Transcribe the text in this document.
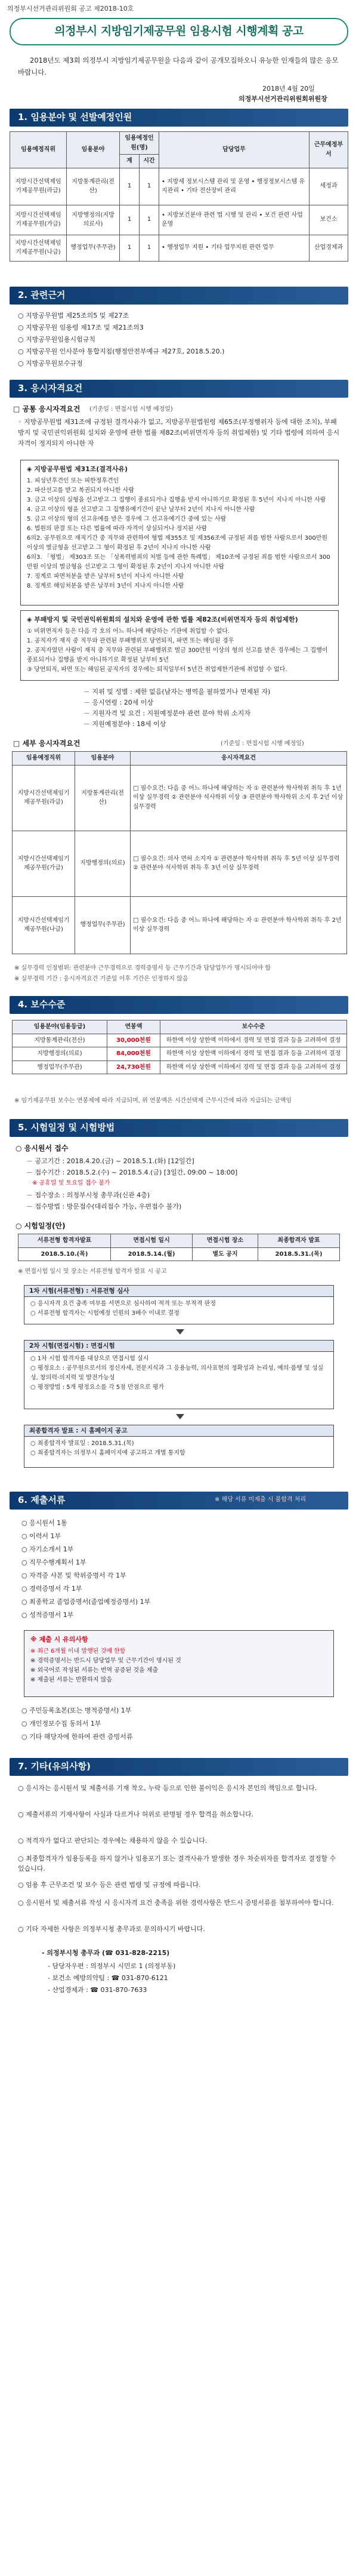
의정부시선거관리위원회 공고 제2018-10호
의정부시 지방임기제공무원 임용시험 시행계획 공고
2018년도 제3회 의정부시 지방임기제공무원을 다음과 같이 공개모집하오니 유능한 인재들의 많은 응모바랍니다.
2018년 4월 20일
의정부시선거관리위원회위원장
1. 임용분야 및 선발예정인원
임용예정직위	임용분야	임용예정인원(명)		담당업무	근무예정부서
		계	시간		
지방시간선택제임기제공무원(라급)	지방통계관리(전산)	1	1	• 지방세 정보시스템 관리 및 운영 • 행정정보시스템 유지관리 • 기타 전산장비 관리	세정과
지방시간선택제임기제공무원(가급)	지방행정의(지방의료사)	1	1	• 지방보건분야 관련 법 시행 및 관리 • 보건 관련 사업 운영	보건소
지방시간선택제임기제공무원(나급)	행정업무(주무관)	1	1	• 행정업무 지원 • 기타 업무지원 관련 업무	산업경제과
2. 관련근거
○ 지방공무원법 제25조의5 및 제27조
○ 지방공무원 임용령 제17조 및 제21조의3
○ 지방공무원임용시험규칙
○ 지방공무원 인사분야 통합지침(행정안전부예규 제27호, 2018.5.20.)
○ 지방공무원보수규정
3. 응시자격요건
□ 공통 응시자격요건 (기준일 : 면접시험 시행 예정일)
◦ 지방공무원법 제31조에 규정된 결격사유가 없고, 지방공무원법원령 제65조(부정행위자 등에 대한 조치), 부패방지 및 국민권익위원회 설치와 운영에 관한 법률 제82조(비위면직자 등의 취업제한) 및 기타 법령에 의하여 응시자격이 정지되지 아니한 자
◈ 지방공무원법 제31조(결격사유)
1. 피성년후견인 또는 피한정후견인
2. 파산선고를 받고 복권되지 아니한 사람
3. 금고 이상의 실형을 선고받고 그 집행이 종료되거나 집행을 받지 아니하기로 확정된 후 5년이 지나지 아니한 사람
4. 금고 이상의 형을 선고받고 그 집행유예기간이 끝난 날부터 2년이 지나지 아니한 사람
5. 금고 이상의 형의 선고유예를 받은 경우에 그 선고유예기간 중에 있는 사람
6. 법원의 판결 또는 다른 법률에 따라 자격이 상실되거나 정지된 사람
6의2. 공무원으로 재직기간 중 직무와 관련하여 형법 제355조 및 제356조에 규정된 죄를 범한 사람으로서 300만원 이상의 벌금형을 선고받고 그 형이 확정된 후 2년이 지나지 아니한 사람
6의3. 「형법」 제303조 또는 「성폭력범죄의 처벌 등에 관한 특례법」 제10조에 규정된 죄를 범한 사람으로서 300만원 이상의 벌금형을 선고받고 그 형이 확정된 후 2년이 지나지 아니한 사람
7. 징계로 파면처분을 받은 날부터 5년이 지나지 아니한 사람
8. 징계로 해임처분을 받은 날부터 3년이 지나지 아니한 사람
◈ 부패방지 및 국민권익위원회의 설치와 운영에 관한 법률 제82조(비위면직자 등의 취업제한)
① 비위면직자 등은 다음 각 호의 어느 하나에 해당하는 기관에 취업할 수 없다.
1. 공직자가 재직 중 직무와 관련된 부패행위로 당연퇴직, 파면 또는 해임된 경우
2. 공직자였던 사람이 재직 중 직무와 관련된 부패행위로 벌금 300만원 이상의 형의 선고를 받은 경우에는 그 집행이 종료되거나 집행을 받지 아니하기로 확정된 날부터 5년
③ 당연퇴직, 파면 또는 해임된 공직자의 경우에는 퇴직일부터 5년간 취업제한기관에 취업할 수 없다.
－ 지위 및 성별 : 제한 없음(남자는 병역을 필하였거나 면제된 자)
－ 응시연령 : 20세 이상
－ 지원자격 및 요건 : 지원예정분야 관련 분야 학위 소지자
－ 지원예정분야 : 18세 이상
□ 세부 응시자격요건	(기준일 : 면접시험 시행 예정일)
임용예정직위	임용분야	응시자격요건
지방시간선택제임기제공무원(라급)	지방통계관리(전산)	□ 필수요건: 다음 중 어느 하나에 해당하는 자 ① 관련분야 학사학위 취득 후 1년 이상 실무경력 ② 관련분야 석사학위 이상 ③ 관련분야 학사학위 소지 후 2년 이상 실무경력
지방시간선택제임기제공무원(가급)	지방행정의(의료)	□ 필수요건: 의사 면허 소지자 ① 관련분야 학사학위 취득 후 5년 이상 실무경력 ② 관련분야 석사학위 취득 후 3년 이상 실무경력
지방시간선택제임기제공무원(나급)	행정업무(주무관)	□ 필수요건: 다음 중 어느 하나에 해당하는 자 ① 관련분야 학사학위 취득 후 2년 이상 실무경력
※ 실무경력 인정범위: 관련분야 근무경력으로 경력증명서 등 근무기간과 담당업무가 명시되어야 함
※ 실무경력 기간 : 응시자격요건 기준일 이후 기간은 인정하지 않음
4. 보수수준
임용분야(임용등급)	연봉액	보수수준
지방통계관리(전산)	30,000천원	하한액 이상 상한액 이하에서 경력 및 면접 결과 등을 고려하여 결정
지방행정의(의료)	84,000천원	하한액 이상 상한액 이하에서 경력 및 면접 결과 등을 고려하여 결정
행정업무(주무관)	24,730천원	하한액 이상 상한액 이하에서 경력 및 면접 결과 등을 고려하여 결정
※ 임기제공무원 보수는 연봉제에 따라 지급되며, 위 연봉액은 시간선택제 근무시간에 따라 지급되는 금액임
5. 시험일정 및 시험방법
○ 응시원서 접수
－ 공고기간 : 2018.4.20.(금) ~ 2018.5.1.(화) [12일간]
－ 접수기간 : 2018.5.2.(수) ~ 2018.5.4.(금) [3일간, 09:00 ~ 18:00]
※ 공휴일 및 토요일 접수 불가
－ 접수장소 : 의정부시청 총무과(신관 4층)
－ 접수방법 : 방문접수(대리접수 가능, 우편접수 불가)
○ 시험일정(안)
서류전형 합격자발표	면접시험 일시	면접시험 장소	최종합격자 발표
2018.5.10.(목)	2018.5.14.(월)	별도 공지	2018.5.31.(목)
※ 면접시험 일시 및 장소는 서류전형 합격자 발표 시 공고
1차 시험(서류전형) : 서류전형 심사
○ 응시자격 요건 충족 여부를 서면으로 심사하여 적격 또는 부적격 판정
○ 서류전형 합격자는 시험예정 인원의 3배수 이내로 결정
2차 시험(면접시험) : 면접시험
○ 1차 시험 합격자를 대상으로 면접시험 실시
○ 평정요소 : 공무원으로서의 정신자세, 전문지식과 그 응용능력, 의사표현의 정확성과 논리성, 예의·품행 및 성실성, 창의력·의지력 및 발전가능성
○ 평정방법 : 5개 평정요소를 각 5점 만점으로 평가
최종합격자 발표 : 시 홈페이지 공고
○ 최종합격자 발표일 : 2018.5.31.(목)
○ 최종합격자는 의정부시 홈페이지에 공고하고 개별 통지함
6. 제출서류	※ 해당 서류 미제출 시 불합격 처리
○ 응시원서 1통
○ 이력서 1부
○ 자기소개서 1부
○ 직무수행계획서 1부
○ 자격증 사본 및 학위증명서 각 1부
○ 경력증명서 각 1부
○ 최종학교 졸업증명서(졸업예정증명서) 1부
○ 성적증명서 1부
※ 제출 시 유의사항
※ 최근 6개월 이내 발행된 것에 한함
※ 경력증명서는 반드시 담당업무 및 근무기간이 명시된 것
※ 외국어로 작성된 서류는 번역 공증된 것을 제출
※ 제출된 서류는 반환하지 않음
○ 주민등록초본(또는 병적증명서) 1부
○ 개인정보수집 동의서 1부
○ 기타 해당자에 한하여 관련 증빙서류
7. 기타(유의사항)
○ 응시자는 응시원서 및 제출서류 기재 착오, 누락 등으로 인한 불이익은 응시자 본인의 책임으로 합니다.
○ 제출서류의 기재사항이 사실과 다르거나 허위로 판명될 경우 합격을 취소합니다.
○ 적격자가 없다고 판단되는 경우에는 채용하지 않을 수 있습니다.
○ 최종합격자가 임용등록을 하지 않거나 임용포기 또는 결격사유가 발생한 경우 차순위자를 합격자로 결정할 수 있습니다.
○ 임용 후 근무조건 및 보수 등은 관련 법령 및 규정에 따릅니다.
○ 응시원서 및 제출서류 작성 시 응시자격 요건 충족을 위한 경력사항은 반드시 증빙서류를 첨부하여야 합니다.
○ 기타 자세한 사항은 의정부시청 총무과로 문의하시기 바랍니다.
- 의정부시청 총무과 (☎ 031-828-2215)
- 담당자우편 : 의정부시 시민로 1 (의정부동)
- 보건소 예방의약팀 : ☎ 031-870-6121
- 산업경제과 : ☎ 031-870-7633
